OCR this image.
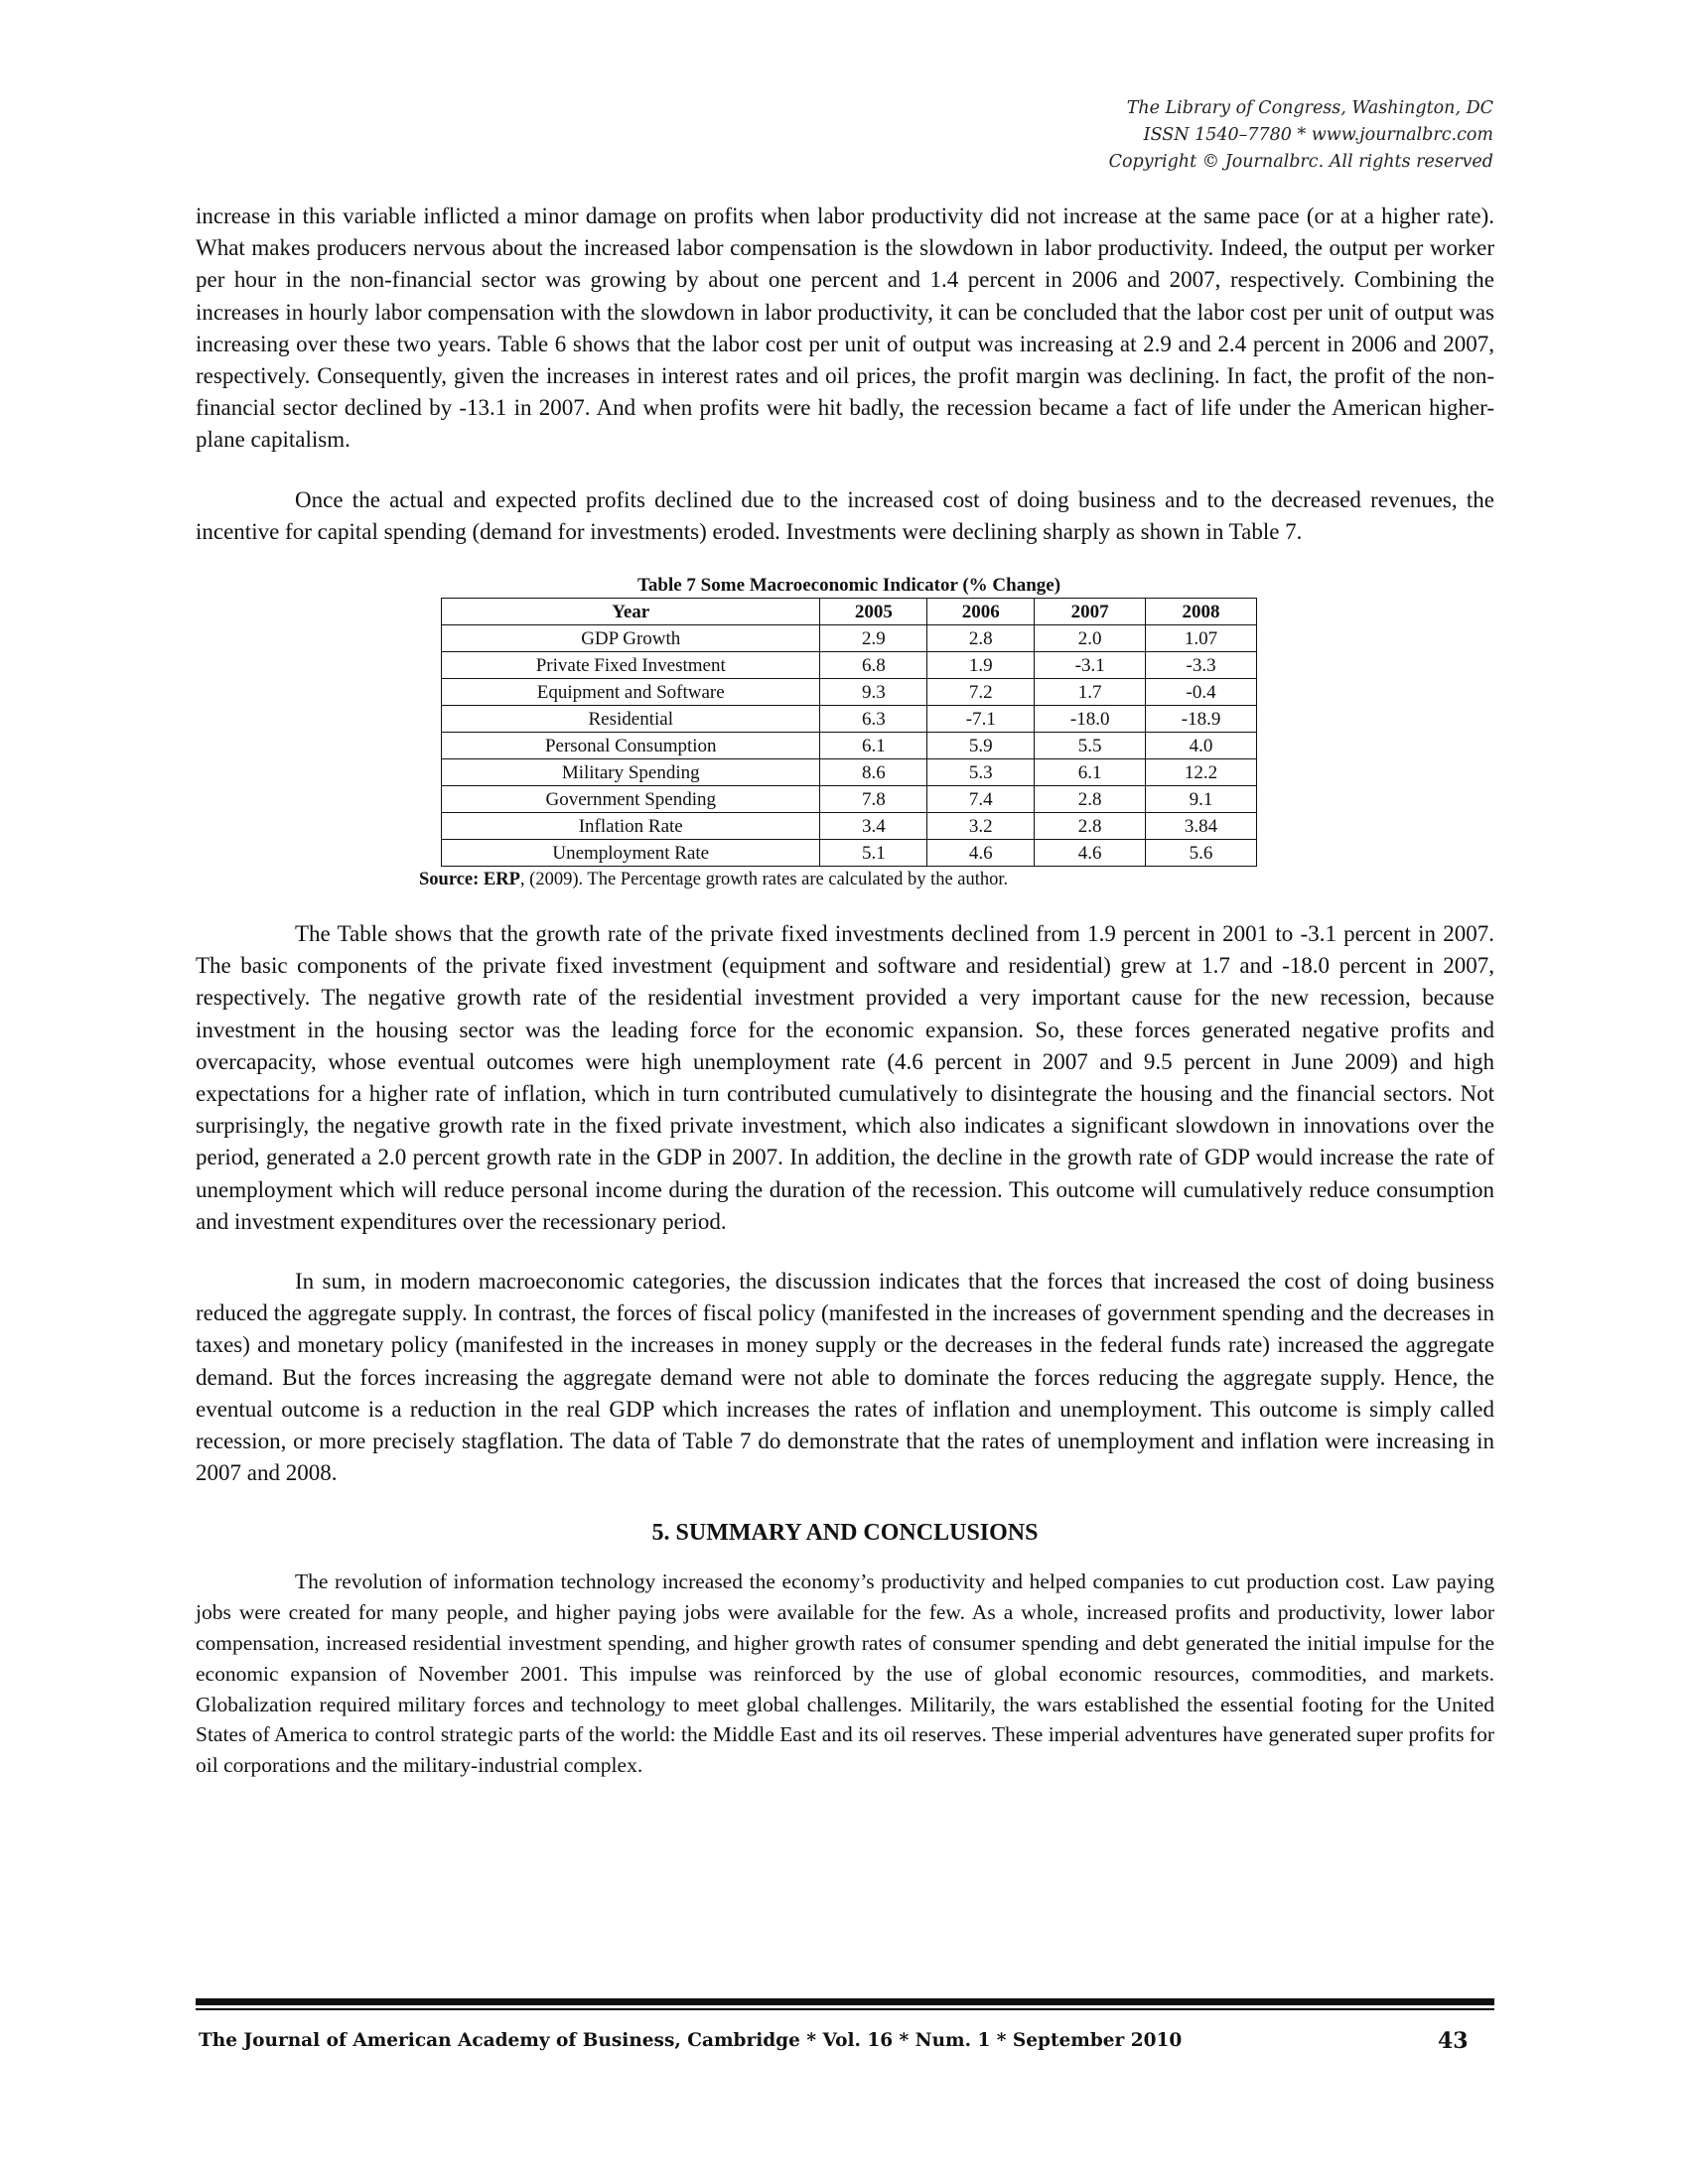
The Library of Congress, Washington, DC
ISSN 1540–7780 * www.journalbrc.com
Copyright © Journalbrc. All rights reserved

increase in this variable inflicted a minor damage on profits when labor productivity did not increase at the same pace (or at a higher rate). What makes producers nervous about the increased labor compensation is the slowdown in labor productivity. Indeed, the output per worker per hour in the non-financial sector was growing by about one percent and 1.4 percent in 2006 and 2007, respectively. Combining the increases in hourly labor compensation with the slowdown in labor productivity, it can be concluded that the labor cost per unit of output was increasing over these two years. Table 6 shows that the labor cost per unit of output was increasing at 2.9 and 2.4 percent in 2006 and 2007, respectively. Consequently, given the increases in interest rates and oil prices, the profit margin was declining. In fact, the profit of the non-financial sector declined by -13.1 in 2007. And when profits were hit badly, the recession became a fact of life under the American higher-plane capitalism.

Once the actual and expected profits declined due to the increased cost of doing business and to the decreased revenues, the incentive for capital spending (demand for investments) eroded. Investments were declining sharply as shown in Table 7.

Table 7 Some Macroeconomic Indicator (% Change)
Year	2005	2006	2007	2008
GDP Growth	2.9	2.8	2.0	1.07
Private Fixed Investment	6.8	1.9	-3.1	-3.3
Equipment and Software	9.3	7.2	1.7	-0.4
Residential	6.3	-7.1	-18.0	-18.9
Personal Consumption	6.1	5.9	5.5	4.0
Military Spending	8.6	5.3	6.1	12.2
Government Spending	7.8	7.4	2.8	9.1
Inflation Rate	3.4	3.2	2.8	3.84
Unemployment Rate	5.1	4.6	4.6	5.6
Source: ERP, (2009). The Percentage growth rates are calculated by the author.

The Table shows that the growth rate of the private fixed investments declined from 1.9 percent in 2001 to -3.1 percent in 2007. The basic components of the private fixed investment (equipment and software and residential) grew at 1.7 and -18.0 percent in 2007, respectively. The negative growth rate of the residential investment provided a very important cause for the new recession, because investment in the housing sector was the leading force for the economic expansion. So, these forces generated negative profits and overcapacity, whose eventual outcomes were high unemployment rate (4.6 percent in 2007 and 9.5 percent in June 2009) and high expectations for a higher rate of inflation, which in turn contributed cumulatively to disintegrate the housing and the financial sectors. Not surprisingly, the negative growth rate in the fixed private investment, which also indicates a significant slowdown in innovations over the period, generated a 2.0 percent growth rate in the GDP in 2007. In addition, the decline in the growth rate of GDP would increase the rate of unemployment which will reduce personal income during the duration of the recession. This outcome will cumulatively reduce consumption and investment expenditures over the recessionary period.

In sum, in modern macroeconomic categories, the discussion indicates that the forces that increased the cost of doing business reduced the aggregate supply. In contrast, the forces of fiscal policy (manifested in the increases of government spending and the decreases in taxes) and monetary policy (manifested in the increases in money supply or the decreases in the federal funds rate) increased the aggregate demand. But the forces increasing the aggregate demand were not able to dominate the forces reducing the aggregate supply. Hence, the eventual outcome is a reduction in the real GDP which increases the rates of inflation and unemployment. This outcome is simply called recession, or more precisely stagflation. The data of Table 7 do demonstrate that the rates of unemployment and inflation were increasing in 2007 and 2008.

5. SUMMARY AND CONCLUSIONS

The revolution of information technology increased the economy’s productivity and helped companies to cut production cost. Law paying jobs were created for many people, and higher paying jobs were available for the few. As a whole, increased profits and productivity, lower labor compensation, increased residential investment spending, and higher growth rates of consumer spending and debt generated the initial impulse for the economic expansion of November 2001. This impulse was reinforced by the use of global economic resources, commodities, and markets. Globalization required military forces and technology to meet global challenges. Militarily, the wars established the essential footing for the United States of America to control strategic parts of the world: the Middle East and its oil reserves. These imperial adventures have generated super profits for oil corporations and the military-industrial complex.

The Journal of American Academy of Business, Cambridge * Vol. 16 * Num. 1 * September 2010	43
